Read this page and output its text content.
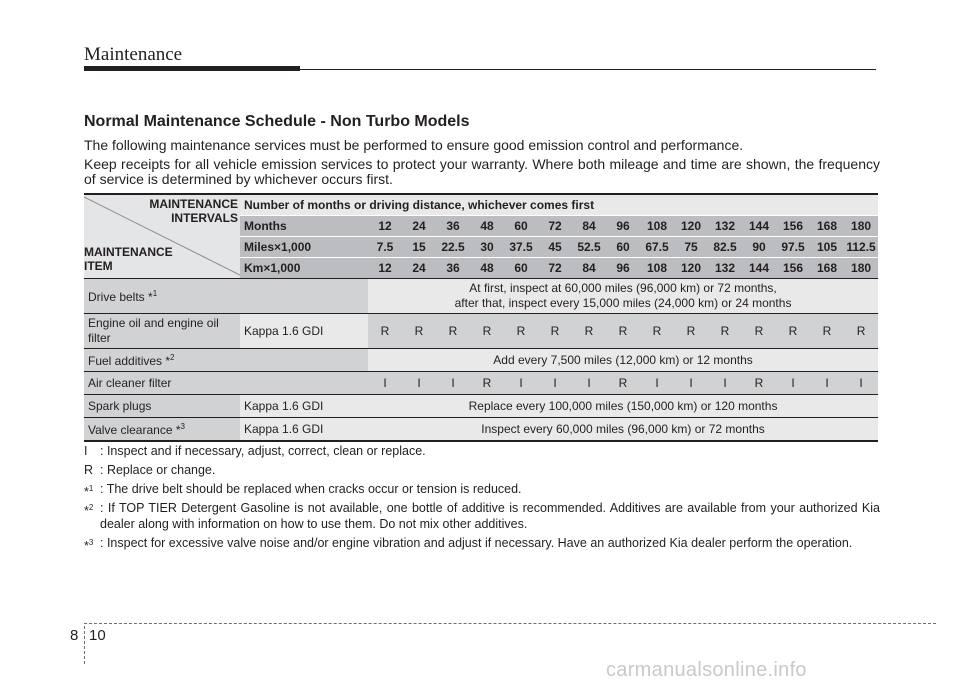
Maintenance
Normal Maintenance Schedule - Non Turbo Models
The following maintenance services must be performed to ensure good emission control and performance.
Keep receipts for all vehicle emission services to protect your warranty. Where both mileage and time are shown, the frequency of service is determined by whichever occurs first.
MAINTENANCE INTERVALS
MAINTENANCE ITEM	Number of months or driving distance, whichever comes first															
	Months	12	24	36	48	60	72	84	96	108	120	132	144	156	168	180
	Miles×1,000	7.5	15	22.5	30	37.5	45	52.5	60	67.5	75	82.5	90	97.5	105	112.5
	Km×1,000	12	24	36	48	60	72	84	96	108	120	132	144	156	168	180
Drive belts *$^1$		At first, inspect at 60,000 miles (96,000 km) or 72 months,
after that, inspect every 15,000 miles (24,000 km) or 24 months														

Engine oil and engine oil
filter	Kappa 1.6 GDI	R	R	R	R	R	R	R	R	R	R	R	R	R	R	R
Fuel additives *$^2$		Add every 7,500 miles (12,000 km) or 12 months														
Air cleaner filter		I	I	I	R	I	I	I	R	I	I	I	R	I	I	I
Spark plugs	Kappa 1.6 GDI	Replace every 100,000 miles (150,000 km) or 120 months														
Valve clearance *$^3$	Kappa 1.6 GDI	Inspect every 60,000 miles (96,000 km) or 72 months														
I	: Inspect and if necessary, adjust, correct, clean or replace.
R : Replace or change.
*$^1$ : The drive belt should be replaced when cracks occur or tension is reduced.
*$^2$ : If TOP TIER Detergent Gasoline is not available, one bottle of additive is recommended. Additives are available from your authorized Kia dealer along with information on how to use them. Do not mix other additives.
*$^3$ : Inspect for excessive valve noise and/or engine vibration and adjust if necessary. Have an authorized Kia dealer perform the operation.
8 10
carmanualsonline.info
